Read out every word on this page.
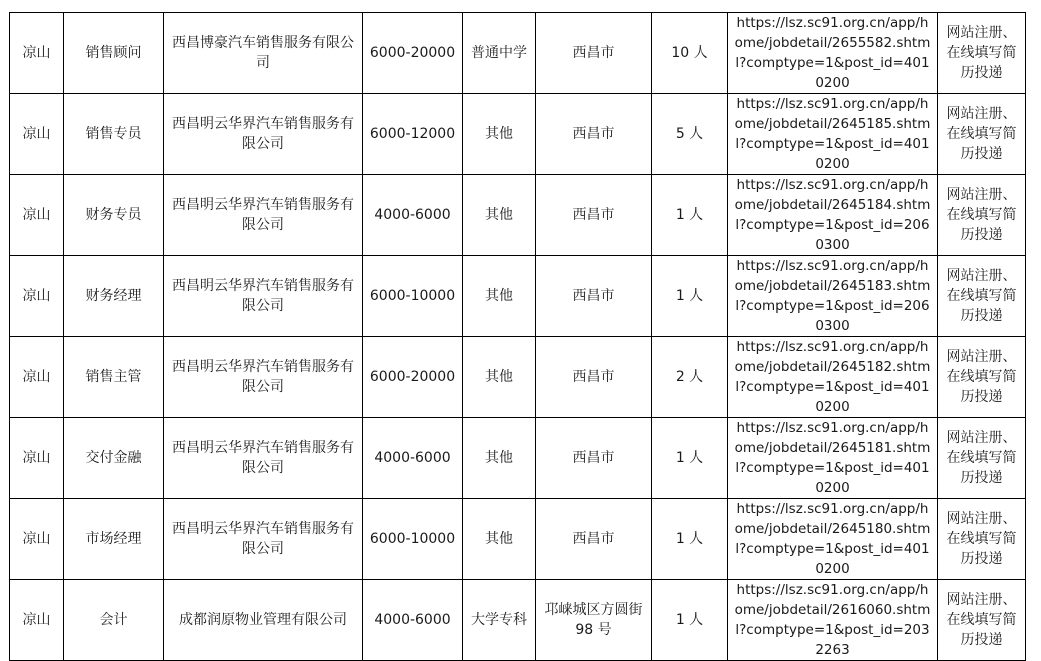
凉山	销售顾问	西昌博豪汽车销售服务有限公司	6000-20000	普通中学	西昌市	10 人	https://lsz.sc91.org.cn/app/home/jobdetail/2655582.shtml?comptype=1&post_id=4010200	网站注册、在线填写简历投递
凉山	销售专员	西昌明云华界汽车销售服务有限公司	6000-12000	其他	西昌市	5 人	https://lsz.sc91.org.cn/app/home/jobdetail/2645185.shtml?comptype=1&post_id=4010200	网站注册、在线填写简历投递
凉山	财务专员	西昌明云华界汽车销售服务有限公司	4000-6000	其他	西昌市	1 人	https://lsz.sc91.org.cn/app/home/jobdetail/2645184.shtml?comptype=1&post_id=2060300	网站注册、在线填写简历投递
凉山	财务经理	西昌明云华界汽车销售服务有限公司	6000-10000	其他	西昌市	1 人	https://lsz.sc91.org.cn/app/home/jobdetail/2645183.shtml?comptype=1&post_id=2060300	网站注册、在线填写简历投递
凉山	销售主管	西昌明云华界汽车销售服务有限公司	6000-20000	其他	西昌市	2 人	https://lsz.sc91.org.cn/app/home/jobdetail/2645182.shtml?comptype=1&post_id=4010200	网站注册、在线填写简历投递
凉山	交付金融	西昌明云华界汽车销售服务有限公司	4000-6000	其他	西昌市	1 人	https://lsz.sc91.org.cn/app/home/jobdetail/2645181.shtml?comptype=1&post_id=4010200	网站注册、在线填写简历投递
凉山	市场经理	西昌明云华界汽车销售服务有限公司	6000-10000	其他	西昌市	1 人	https://lsz.sc91.org.cn/app/home/jobdetail/2645180.shtml?comptype=1&post_id=4010200	网站注册、在线填写简历投递
凉山	会计	成都润原物业管理有限公司	4000-6000	大学专科	邛崃城区方圆街98 号	1 人	https://lsz.sc91.org.cn/app/home/jobdetail/2616060.shtml?comptype=1&post_id=2032263	网站注册、在线填写简历投递
